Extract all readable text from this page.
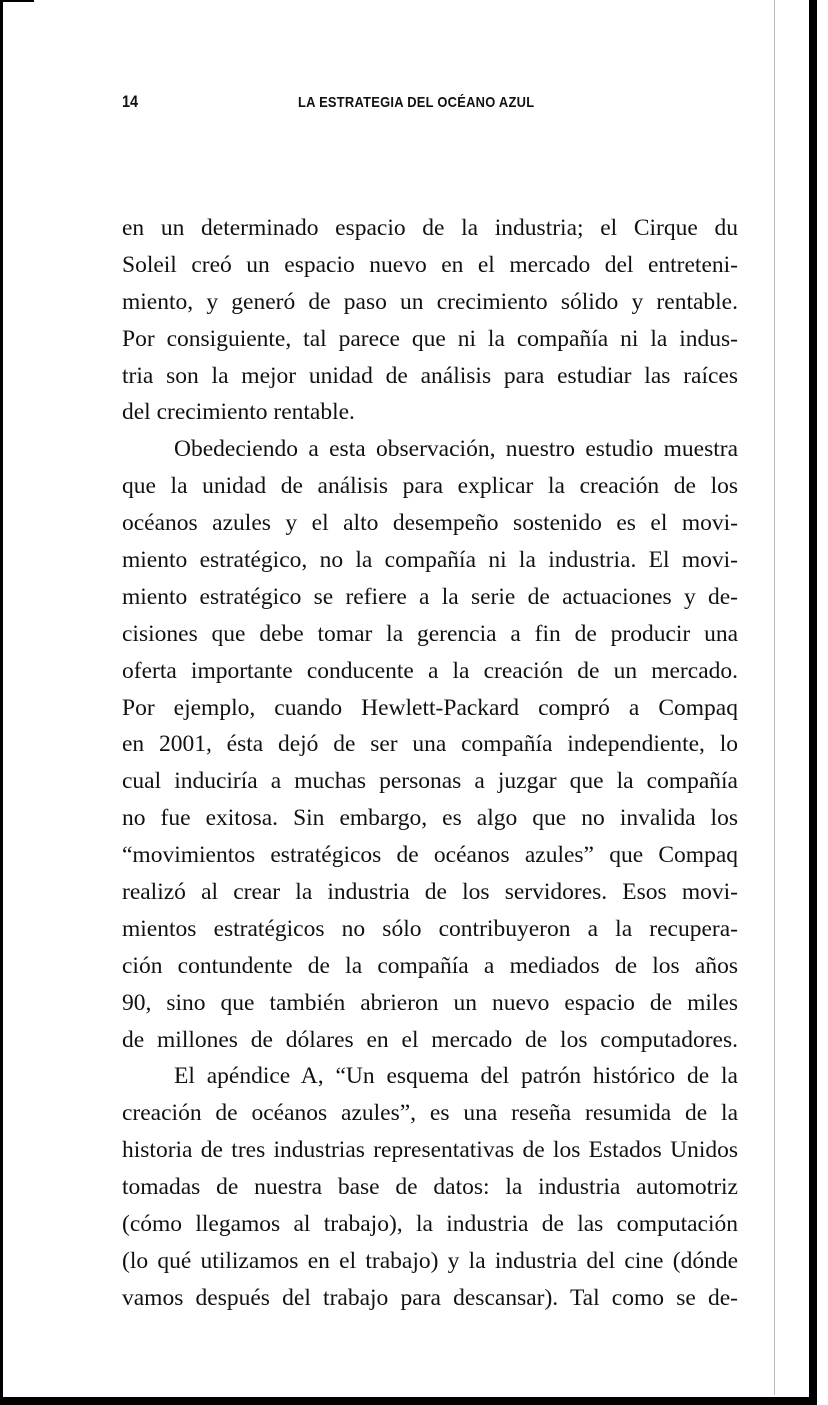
14	LA ESTRATEGIA DEL OCÉANO AZUL
en un determinado espacio de la industria; el Cirque du
Soleil creó un espacio nuevo en el mercado del entreteni-
miento, y generó de paso un crecimiento sólido y rentable.
Por consiguiente, tal parece que ni la compañía ni la indus-
tria son la mejor unidad de análisis para estudiar las raíces
del crecimiento rentable.
Obedeciendo a esta observación, nuestro estudio muestra
que la unidad de análisis para explicar la creación de los
océanos azules y el alto desempeño sostenido es el movi-
miento estratégico, no la compañía ni la industria. El movi-
miento estratégico se refiere a la serie de actuaciones y de-
cisiones que debe tomar la gerencia a fin de producir una
oferta importante conducente a la creación de un mercado.
Por ejemplo, cuando Hewlett-Packard compró a Compaq
en 2001, ésta dejó de ser una compañía independiente, lo
cual induciría a muchas personas a juzgar que la compañía
no fue exitosa. Sin embargo, es algo que no invalida los
“movimientos estratégicos de océanos azules” que Compaq
realizó al crear la industria de los servidores. Esos movi-
mientos estratégicos no sólo contribuyeron a la recupera-
ción contundente de la compañía a mediados de los años
90, sino que también abrieron un nuevo espacio de miles
de millones de dólares en el mercado de los computadores.
El apéndice A, “Un esquema del patrón histórico de la
creación de océanos azules”, es una reseña resumida de la
historia de tres industrias representativas de los Estados Unidos
tomadas de nuestra base de datos: la industria automotriz
(cómo llegamos al trabajo), la industria de las computación
(lo qué utilizamos en el trabajo) y la industria del cine (dónde
vamos después del trabajo para descansar). Tal como se de-
